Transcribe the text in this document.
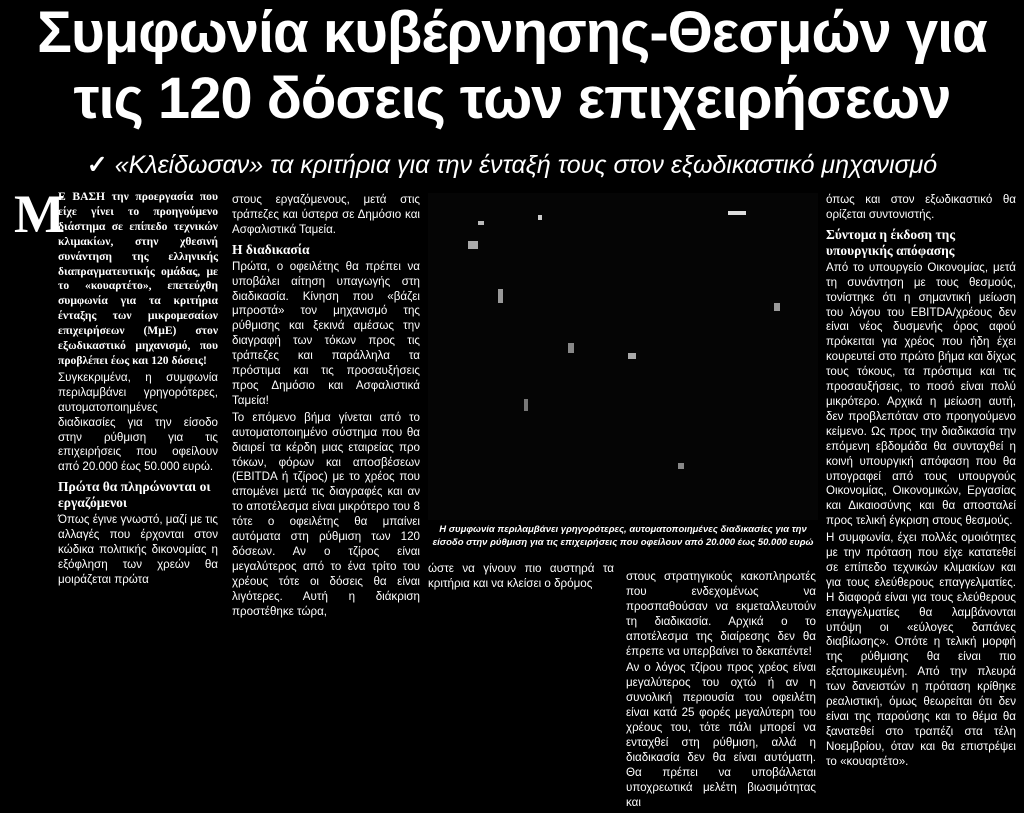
Συμφωνία κυβέρνησης-Θεσμών για
τις 120 δόσεις των επιχειρήσεων
✓ «Κλείδωσαν» τα κριτήρια για την ένταξή τους στον εξωδικαστικό μηχανισμό

Μ
Ε ΒΑΣΗ την προεργασία που είχε γίνει το προηγούμενο διάστημα σε επίπεδο τεχνικών κλιμακίων, στην χθεσινή συνάντηση της ελληνικής διαπραγματευτικής ομάδας, με το «κουαρτέτο», επετεύχθη συμφωνία για τα κριτήρια ένταξης των μικρομεσαίων επιχειρήσεων (ΜμΕ) στον εξωδικαστικό μηχανισμό, που προβλέπει έως και 120 δόσεις!

Συγκεκριμένα, η συμφωνία περιλαμβάνει γρηγορότερες, αυτοματοποιημένες διαδικασίες για την είσοδο στην ρύθμιση για τις επιχειρήσεις που οφείλουν από 20.000 έως 50.000 ευρώ.

Πρώτα θα πληρώνονται οι εργαζόμενοι

Όπως έγινε γνωστό, μαζί με τις αλλαγές που έρχονται στον κώδικα πολιτικής δικονομίας η εξόφληση των χρεών θα μοιράζεται πρώτα

στους εργαζόμενους, μετά στις τράπεζες και ύστερα σε Δημόσιο και Ασφαλιστικά Ταμεία.

Η διαδικασία

Πρώτα, ο οφειλέτης θα πρέπει να υποβάλει αίτηση υπαγωγής στη διαδικασία. Κίνηση που «βάζει μπροστά» τον μηχανισμό της ρύθμισης και ξεκινά αμέσως την διαγραφή των τόκων προς τις τράπεζες και παράλληλα τα πρόστιμα και τις προσαυξήσεις προς Δημόσιο και Ασφαλιστικά Ταμεία!

Το επόμενο βήμα γίνεται από το αυτοματοποιημένο σύστημα που θα διαιρεί τα κέρδη μιας εταιρείας προ τόκων, φόρων και αποσβέσεων (EBITDA ή τζίρος) με το χρέος που απομένει μετά τις διαγραφές και αν το αποτέλεσμα είναι μικρότερο του 8 τότε ο οφειλέτης θα μπαίνει αυτόματα στη ρύθμιση των 120 δόσεων. Αν ο τζίρος είναι μεγαλύτερος από το ένα τρίτο του χρέους τότε οι δόσεις θα είναι λιγότερες. Αυτή η διάκριση προστέθηκε τώρα,

Η συμφωνία περιλαμβάνει γρηγορότερες, αυτοματοποιημένες διαδικασίες για την
είσοδο στην ρύθμιση για τις επιχειρήσεις που οφείλουν από 20.000 έως 50.000 ευρώ

ώστε να γίνουν πιο αυστηρά τα κριτήρια και να κλείσει ο δρόμος

στους στρατηγικούς κακοπληρωτές που ενδεχομένως να προσπαθούσαν να εκμεταλλευτούν τη διαδικασία. Αρχικά ο το αποτέλεσμα της διαίρεσης δεν θα έπρεπε να υπερβαίνει το δεκαπέντε!

Αν ο λόγος τζίρου προς χρέος είναι μεγαλύτερος του οχτώ ή αν η συνολική περιουσία του οφειλέτη είναι κατά 25 φορές μεγαλύτερη του χρέους του, τότε πάλι μπορεί να ενταχθεί στη ρύθμιση, αλλά η διαδικασία δεν θα είναι αυτόματη. Θα πρέπει να υποβάλλεται υποχρεωτικά μελέτη βιωσιμότητας και

όπως και στον εξωδικαστικό θα ορίζεται συντονιστής.

Σύντομα η έκδοση της υπουργικής απόφασης

Από το υπουργείο Οικονομίας, μετά τη συνάντηση με τους θεσμούς, τονίστηκε ότι η σημαντική μείωση του λόγου του EBITDA/χρέους δεν είναι νέος δυσμενής όρος αφού πρόκειται για χρέος που ήδη έχει κουρευτεί στο πρώτο βήμα και δίχως τους τόκους, τα πρόστιμα και τις προσαυξήσεις, το ποσό είναι πολύ μικρότερο. Αρχικά η μείωση αυτή, δεν προβλεπόταν στο προηγούμενο κείμενο. Ως προς την διαδικασία την επόμενη εβδομάδα θα συνταχθεί η κοινή υπουργική απόφαση που θα υπογραφεί από τους υπουργούς Οικονομίας, Οικονομικών, Εργασίας και Δικαιοσύνης και θα αποσταλεί προς τελική έγκριση στους θεσμούς.

Η συμφωνία, έχει πολλές ομοιότητες με την πρόταση που είχε κατατεθεί σε επίπεδο τεχνικών κλιμακίων και για τους ελεύθερους επαγγελματίες. Η διαφορά είναι για τους ελεύθερους επαγγελματίες θα λαμβάνονται υπόψη οι «εύλογες δαπάνες διαβίωσης». Οπότε η τελική μορφή της ρύθμισης θα είναι πιο εξατομικευμένη. Από την πλευρά των δανειστών η πρόταση κρίθηκε ρεαλιστική, όμως θεωρείται ότι δεν είναι της παρούσης και το θέμα θα ξανατεθεί στο τραπέζι στα τέλη Νοεμβρίου, όταν και θα επιστρέψει το «κουαρτέτο».
